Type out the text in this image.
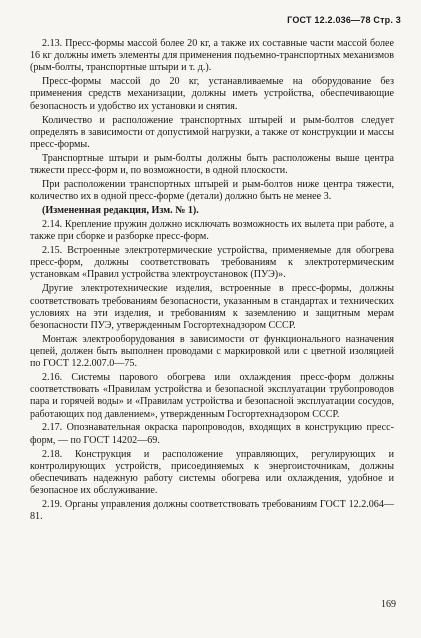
ГОСТ 12.2.036—78 Стр. 3

2.13. Пресс-формы массой более 20 кг, а также их составные части массой более 16 кг должны иметь элементы для применения подъемно-транспортных механизмов (рым-болты, транспортные штыри и т. д.).

Пресс-формы массой до 20 кг, устанавливаемые на оборудование без применения средств механизации, должны иметь устройства, обеспечивающие безопасность и удобство их установки и снятия.

Количество и расположение транспортных штырей и рым-болтов следует определять в зависимости от допустимой нагрузки, а также от конструкции и массы пресс-формы.

Транспортные штыри и рым-болты должны быть расположены выше центра тяжести пресс-форм и, по возможности, в одной плоскости.

При расположении транспортных штырей и рым-болтов ниже центра тяжести, количество их в одной пресс-форме (детали) должно быть не менее 3.

(Измененная редакция, Изм. № 1).

2.14. Крепление пружин должно исключать возможность их вылета при работе, а также при сборке и разборке пресс-форм.

2.15. Встроенные электротермические устройства, применяемые для обогрева пресс-форм, должны соответствовать требованиям к электротермическим установкам «Правил устройства электроустановок (ПУЭ)».

Другие электротехнические изделия, встроенные в пресс-формы, должны соответствовать требованиям безопасности, указанным в стандартах и технических условиях на эти изделия, и требованиям к заземлению и защитным мерам безопасности ПУЭ, утвержденным Госгортехнадзором СССР.

Монтаж электрооборудования в зависимости от функционального назначения цепей, должен быть выполнен проводами с маркировкой или с цветной изоляцией по ГОСТ 12.2.007.0—75.

2.16. Системы парового обогрева или охлаждения пресс-форм должны соответствовать «Правилам устройства и безопасной эксплуатации трубопроводов пара и горячей воды» и «Правилам устройства и безопасной эксплуатации сосудов, работающих под давлением», утвержденным Госгортехнадзором СССР.

2.17. Опознавательная окраска паропроводов, входящих в конструкцию пресс-форм, — по ГОСТ 14202—69.

2.18. Конструкция и расположение управляющих, регулирующих и контролирующих устройств, присоединяемых к энергоисточникам, должны обеспечивать надежную работу системы обогрева или охлаждения, удобное и безопасное их обслуживание.

2.19. Органы управления должны соответствовать требованиям ГОСТ 12.2.064—81.

169
